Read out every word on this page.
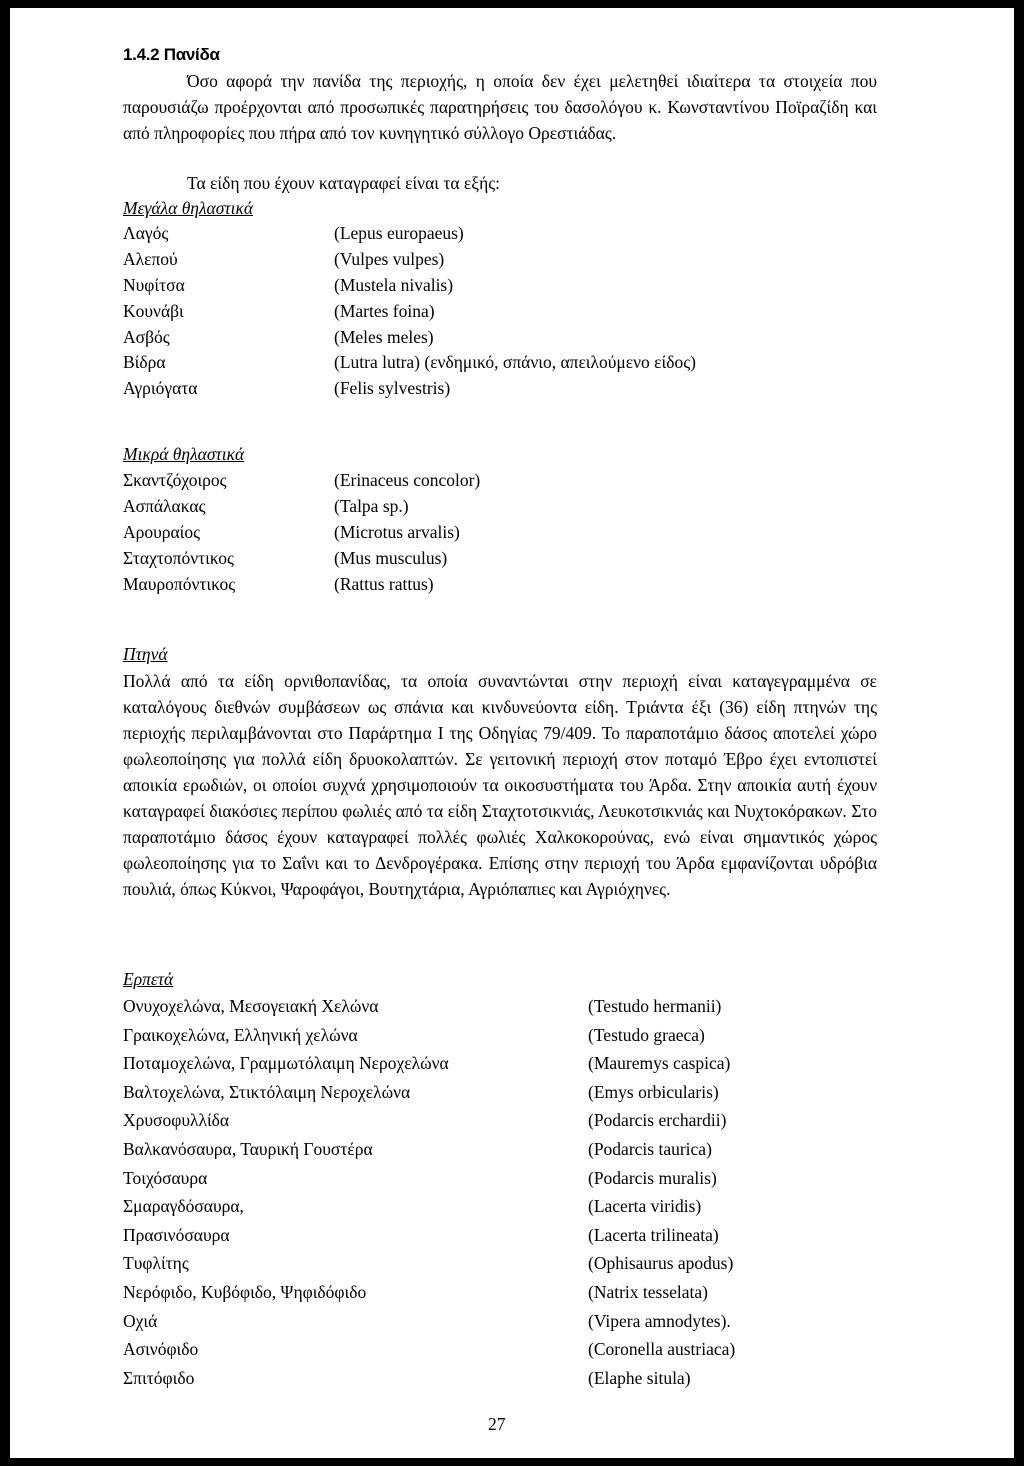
1.4.2 Πανίδα
Όσο αφορά την πανίδα της περιοχής, η οποία δεν έχει μελετηθεί ιδιαίτερα τα στοιχεία που παρουσιάζω προέρχονται από προσωπικές παρατηρήσεις του δασολόγου κ. Κωνσταντίνου Ποϊραζίδη και από πληροφορίες που πήρα από τον κυνηγητικό σύλλογο Ορεστιάδας.
Τα είδη που έχουν καταγραφεί είναι τα εξής:
Μεγάλα θηλαστικά
Λαγός	(Lepus europaeus)
Αλεπού	(Vulpes vulpes)
Νυφίτσα	(Mustela nivalis)
Κουνάβι	(Martes foina)
Ασβός	(Meles meles)
Βίδρα	(Lutra lutra) (ενδημικό, σπάνιο, απειλούμενο είδος)
Αγριόγατα	(Felis sylvestris)
Μικρά θηλαστικά
Σκαντζόχοιρος	(Erinaceus concolor)
Ασπάλακας	(Talpa sp.)
Αρουραίος	(Microtus arvalis)
Σταχτοπόντικος	(Mus musculus)
Μαυροπόντικος	(Rattus rattus)
Πτηνά
Πολλά από τα είδη ορνιθοπανίδας, τα οποία συναντώνται στην περιοχή είναι καταγεγραμμένα σε καταλόγους διεθνών συμβάσεων ως σπάνια και κινδυνεύοντα είδη. Τριάντα έξι (36) είδη πτηνών της περιοχής περιλαμβάνονται στο Παράρτημα Ι της Οδηγίας 79/409. Το παραποτάμιο δάσος αποτελεί χώρο φωλεοποίησης για πολλά είδη δρυοκολαπτών. Σε γειτονική περιοχή στον ποταμό Έβρο έχει εντοπιστεί αποικία ερωδιών, οι οποίοι συχνά χρησιμοποιούν τα οικοσυστήματα του Άρδα. Στην αποικία αυτή έχουν καταγραφεί διακόσιες περίπου φωλιές από τα είδη Σταχτοτσικνιάς, Λευκοτσικνιάς και Νυχτοκόρακων. Στο παραποτάμιο δάσος έχουν καταγραφεί πολλές φωλιές Χαλκοκορούνας, ενώ είναι σημαντικός χώρος φωλεοποίησης για το Σαΐνι και το Δενδρογέρακα. Επίσης στην περιοχή του Άρδα εμφανίζονται υδρόβια πουλιά, όπως Κύκνοι, Ψαροφάγοι, Βουτηχτάρια, Αγριόπαπιες και Αγριόχηνες.
Ερπετά
Ονυχοχελώνα, Μεσογειακή Χελώνα	(Testudo hermanii)
Γραικοχελώνα, Ελληνική χελώνα	(Testudo graeca)
Ποταμοχελώνα, Γραμμωτόλαιμη Νεροχελώνα	(Mauremys caspica)
Βαλτοχελώνα, Στικτόλαιμη Νεροχελώνα	(Emys orbicularis)
Χρυσοφυλλίδα	(Podarcis erchardii)
Βαλκανόσαυρα, Ταυρική Γουστέρα	(Podarcis taurica)
Τοιχόσαυρα	(Podarcis muralis)
Σμαραγδόσαυρα,	(Lacerta viridis)
Πρασινόσαυρα	(Lacerta trilineata)
Τυφλίτης	(Ophisaurus apodus)
Νερόφιδο, Κυβόφιδο, Ψηφιδόφιδο	(Natrix tesselata)
Οχιά	(Vipera amnodytes).
Ασινόφιδο	(Coronella austriaca)
Σπιτόφιδο	(Elaphe situla)
27
